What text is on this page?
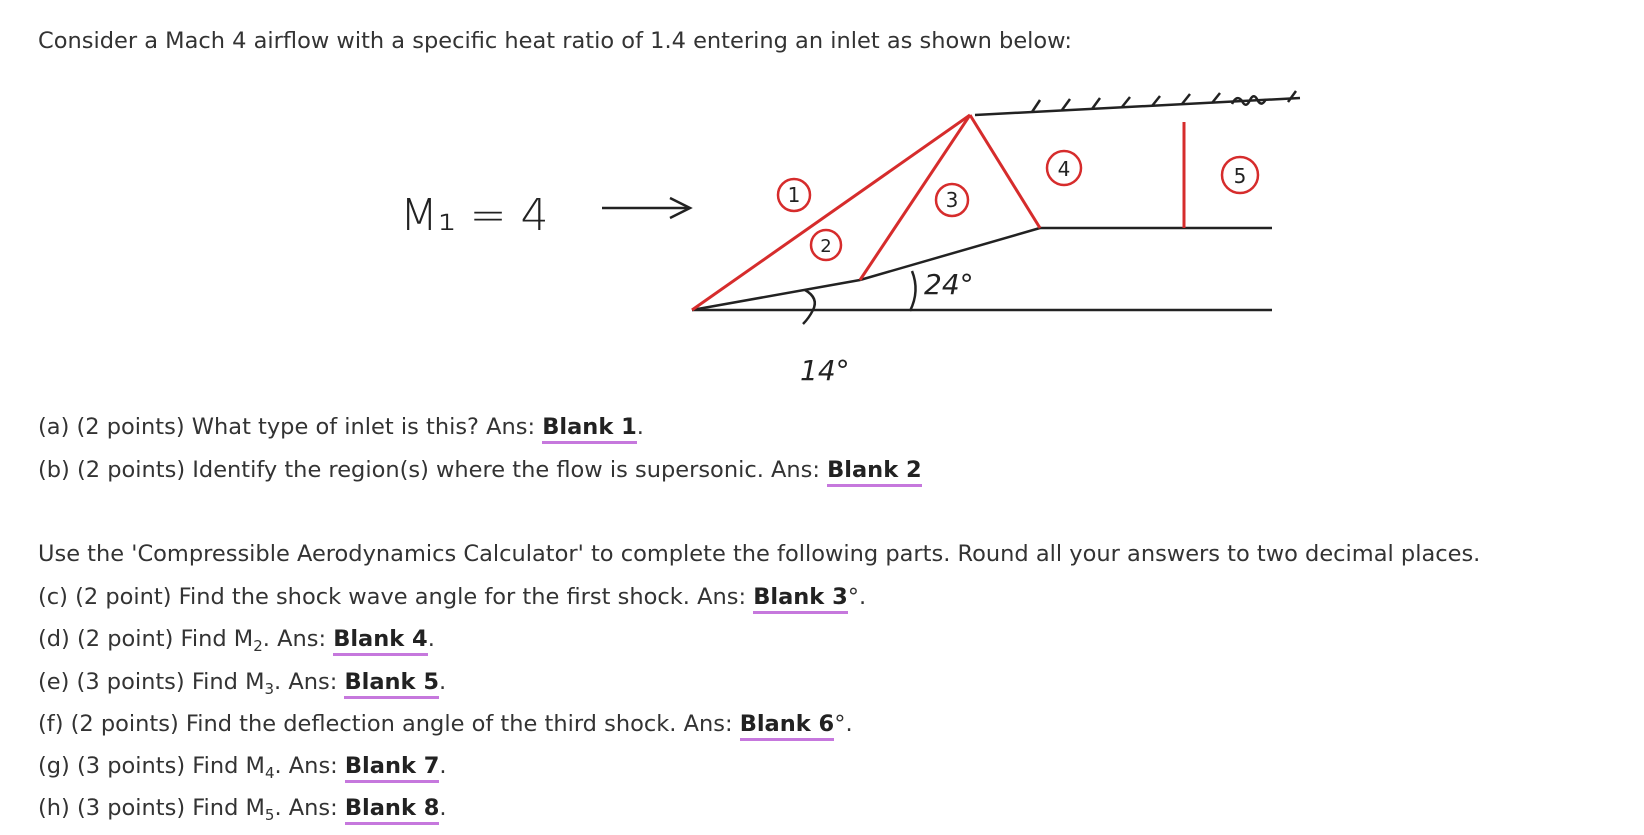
Consider a Mach 4 airflow with a specific heat ratio of 1.4 entering an inlet as shown below:
1
2
3
4	5
M₁ = 4
14°
24°
(a) (2 points) What type of inlet is this? Ans: Blank 1.
(b) (2 points) Identify the region(s) where the flow is supersonic. Ans: Blank 2
Use the 'Compressible Aerodynamics Calculator' to complete the following parts. Round all your answers to two decimal places.
(c) (2 point) Find the shock wave angle for the first shock. Ans: Blank 3°.
(d) (2 point) Find $M_2$. Ans: Blank 4.
(e) (3 points) Find $M_3$. Ans: Blank 5.
(f) (2 points) Find the deflection angle of the third shock. Ans: Blank 6°.
(g) (3 points) Find $M_4$. Ans: Blank 7.
(h) (3 points) Find $M_5$. Ans: Blank 8.
